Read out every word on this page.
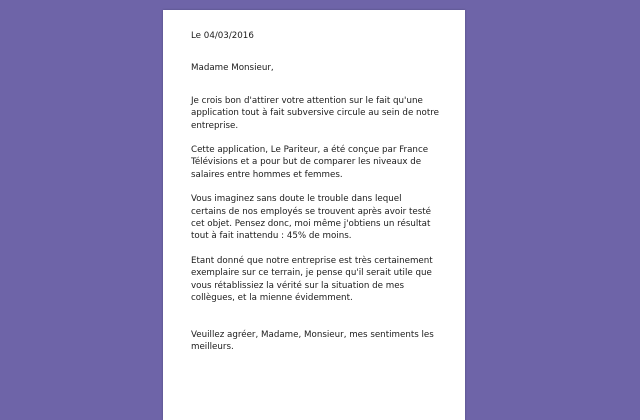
Le 04/03/2016

Madame Monsieur,

Je crois bon d'attirer votre attention sur le fait qu'une application tout à fait subversive circule au sein de notre entreprise.

Cette application, Le Pariteur, a été conçue par France Télévisions et a pour but de comparer les niveaux de salaires entre hommes et femmes.

Vous imaginez sans doute le trouble dans lequel certains de nos employés se trouvent après avoir testé cet objet. Pensez donc, moi même j'obtiens un résultat tout à fait inattendu : 45% de moins.

Etant donné que notre entreprise est très certainement exemplaire sur ce terrain, je pense qu'il serait utile que vous rétablissiez la vérité sur la situation de mes collègues, et la mienne évidemment.

Veuillez agréer, Madame, Monsieur, mes sentiments les meilleurs.
